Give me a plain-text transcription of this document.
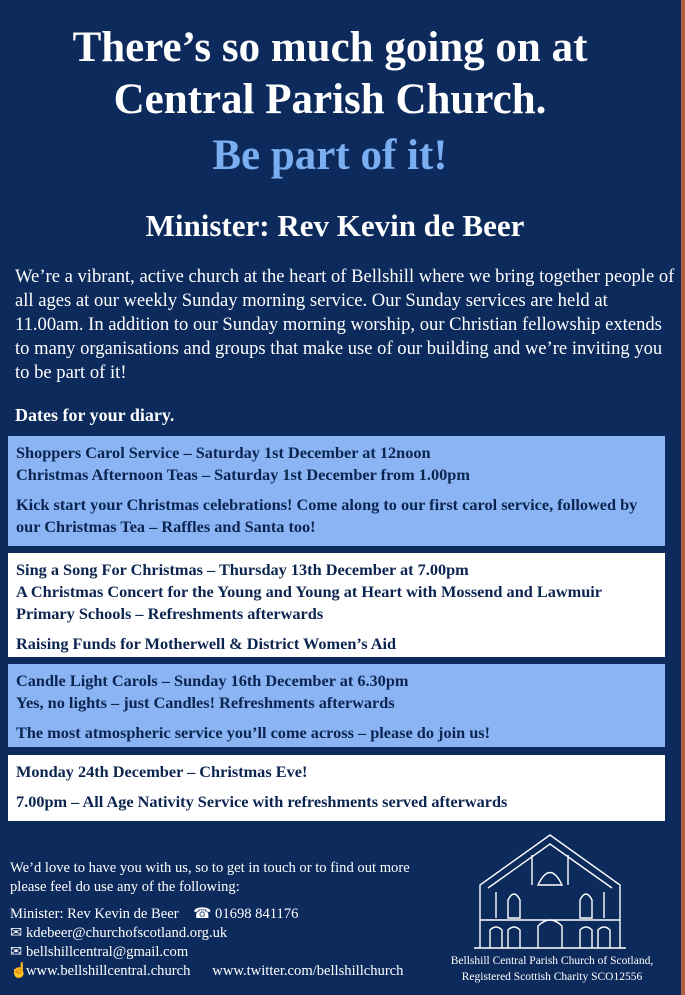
There’s so much going on at
Central Parish Church.
Be part of it!
Minister: Rev Kevin de Beer
We’re a vibrant, active church at the heart of Bellshill where we bring together people of all ages at our weekly Sunday morning service. Our Sunday services are held at 11.00am. In addition to our Sunday morning worship, our Christian fellowship extends to many organisations and groups that make use of our building and we’re inviting you to be part of it!
Dates for your diary.
Shoppers Carol Service – Saturday 1st December at 12noon
Christmas Afternoon Teas – Saturday 1st December from 1.00pm
Kick start your Christmas celebrations! Come along to our first carol service, followed by our Christmas Tea – Raffles and Santa too!
Sing a Song For Christmas – Thursday 13th December at 7.00pm
A Christmas Concert for the Young and Young at Heart with Mossend and Lawmuir Primary Schools – Refreshments afterwards
Raising Funds for Motherwell & District Women’s Aid
Candle Light Carols – Sunday 16th December at 6.30pm
Yes, no lights – just Candles! Refreshments afterwards
The most atmospheric service you’ll come across – please do join us!
Monday 24th December – Christmas Eve!
7.00pm – All Age Nativity Service with refreshments served afterwards
We’d love to have you with us, so to get in touch or to find out more please feel do use any of the following:
Minister: Rev Kevin de Beer ☎ 01698 841176
✉ kdebeer@churchofscotland.org.uk
✉ bellshillcentral@gmail.com
☝www.bellshillcentral.church www.twitter.com/bellshillchurch
Bellshill Central Parish Church of Scotland,
Registered Scottish Charity SCO12556
